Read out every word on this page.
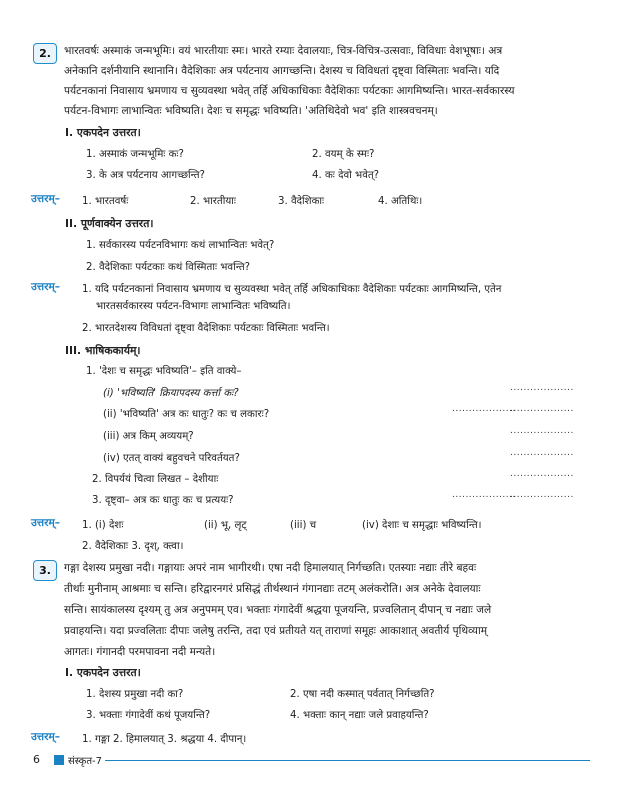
2.	भारतवर्षः अस्माकं जन्मभूमिः। वयं भारतीयाः स्मः। भारते रम्याः देवालयाः, चित्र-विचित्र-उत्सवाः, विविधाः वेशभूषाः। अत्र
अनेकानि दर्शनीयानि स्थानानि। वैदेशिकाः अत्र पर्यटनाय आगच्छन्ति। देशस्य च विविधतां दृष्ट्वा विस्मिताः भवन्ति। यदि
पर्यटनकानां निवासाय भ्रमणाय च सुव्यवस्था भवेत् तर्हि अधिकाधिकाः वैदेशिकाः पर्यटकाः आगमिष्यन्ति। भारत-सर्वकारस्य
पर्यटन-विभागः लाभान्वितः भविष्यति। देशः च समृद्धः भविष्यति। 'अतिथिदेवो भव' इति शास्त्रवचनम्।
I. एकपदेन उत्तरत।
1. अस्माकं जन्मभूमिः कः?	2. वयम् के स्मः?
3. के अत्र पर्यटनाय आगच्छन्ति?	4. कः देवो भवेत्?
उत्तरम्– 1. भारतवर्षः	2. भारतीयाः	3. वैदेशिकाः	4. अतिथिः।
II. पूर्णवाक्येन उत्तरत।
1. सर्वकारस्य पर्यटनविभागः कथं लाभान्वितः भवेत्?
2. वैदेशिकाः पर्यटकाः कथं विस्मिताः भवन्ति?
उत्तरम्– 1. यदि पर्यटनकानां निवासाय भ्रमणाय च सुव्यवस्था भवेत् तर्हि अधिकाधिकाः वैदेशिकाः पर्यटकाः आगमिष्यन्ति, एतेन
भारतसर्वकारस्य पर्यटन-विभागः लाभान्वितः भविष्यति।
2. भारतदेशस्य विविधतां दृष्ट्वा वैदेशिकाः पर्यटकाः विस्मिताः भवन्ति।
III. भाषिककार्यम्।
1. 'देशः च समृद्धः भविष्यति'– इति वाक्ये–
(i) 'भविष्यति' क्रियापदस्य कर्त्ता कः?	...................
(ii) 'भविष्यति' अत्र कः धातुः? कः च लकारः?	...................
...................
(iii) अत्र किम् अव्ययम्?	...................
(iv) एतत् वाक्यं बहुवचने परिवर्तयत?	...................
2. विपर्ययं चित्वा लिखत – देशीयाः	...................
3. दृष्ट्वा– अत्र कः धातुः कः च प्रत्ययः?	...................
...................
उत्तरम्– 1. (i) देशः	(ii) भू, लृट्	(iii) च	(iv) देशाः च समृद्धाः भविष्यन्ति।
2. वैदेशिकाः 3. दृश्, क्त्वा।
3.	गङ्गा देशस्य प्रमुखा नदी। गङ्गायाः अपरं नाम भागीरथी। एषा नदी हिमालयात् निर्गच्छति। एतस्याः नद्याः तीरे बहवः
तीर्थाः मुनीनाम् आश्रमाः च सन्ति। हरिद्वारनगरं प्रसिद्धं तीर्थस्थानं गंगानद्याः तटम् अलंकरोति। अत्र अनेके देवालयाः
सन्ति। सायंकालस्य दृश्यम् तु अत्र अनुपमम् एव। भक्ताः गंगादेवीं श्रद्धया पूजयन्ति, प्रज्वलितान् दीपान् च नद्याः जले
प्रवाहयन्ति। यदा प्रज्वलिताः दीपाः जलेषु तरन्ति, तदा एवं प्रतीयते यत् ताराणां समूहः आकाशात् अवतीर्य पृथिव्याम्
आगतः। गंगानदी परमपावना नदी मन्यते।
I. एकपदेन उत्तरत।
1. देशस्य प्रमुखा नदी का?	2. एषा नदी कस्मात् पर्वतात् निर्गच्छति?
3. भक्ताः गंगादेवीं कथं पूजयन्ति?	4. भक्ताः कान् नद्याः जले प्रवाहयन्ति?
उत्तरम्– 1. गङ्गा 2. हिमालयात् 3. श्रद्धया 4. दीपान्।
6	संस्कृत-7
